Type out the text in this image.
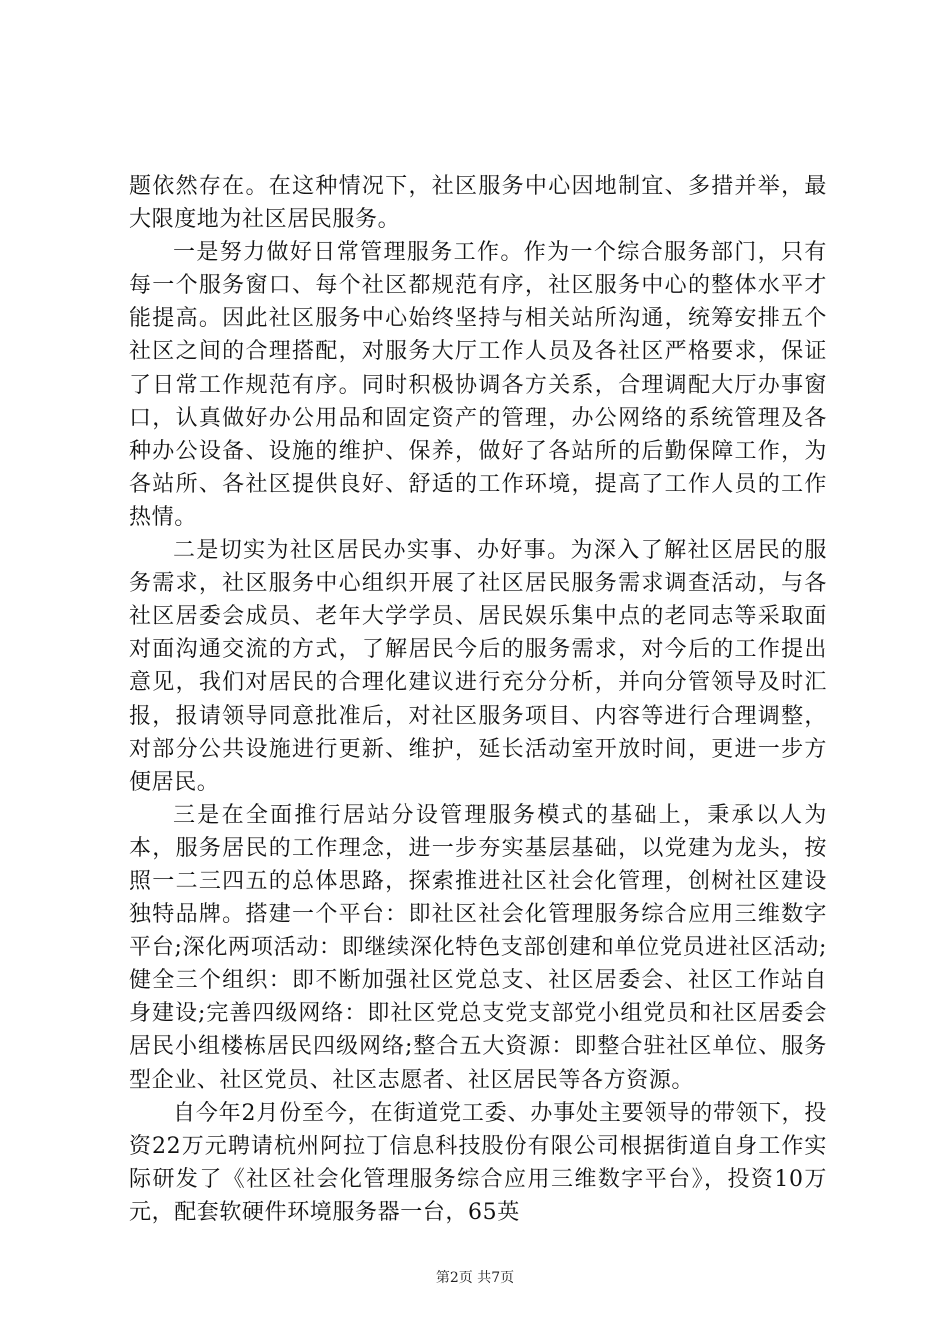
题依然存在。在这种情况下，社区服务中心因地制宜、多措并举，最大限度地为社区居民服务。

一是努力做好日常管理服务工作。作为一个综合服务部门，只有每一个服务窗口、每个社区都规范有序，社区服务中心的整体水平才能提高。因此社区服务中心始终坚持与相关站所沟通，统筹安排五个社区之间的合理搭配，对服务大厅工作人员及各社区严格要求，保证了日常工作规范有序。同时积极协调各方关系，合理调配大厅办事窗口，认真做好办公用品和固定资产的管理，办公网络的系统管理及各种办公设备、设施的维护、保养，做好了各站所的后勤保障工作，为各站所、各社区提供良好、舒适的工作环境，提高了工作人员的工作热情。

二是切实为社区居民办实事、办好事。为深入了解社区居民的服务需求，社区服务中心组织开展了社区居民服务需求调查活动，与各社区居委会成员、老年大学学员、居民娱乐集中点的老同志等采取面对面沟通交流的方式，了解居民今后的服务需求，对今后的工作提出意见，我们对居民的合理化建议进行充分分析，并向分管领导及时汇报，报请领导同意批准后，对社区服务项目、内容等进行合理调整，对部分公共设施进行更新、维护，延长活动室开放时间，更进一步方便居民。

三是在全面推行居站分设管理服务模式的基础上，秉承以人为本，服务居民的工作理念，进一步夯实基层基础，以党建为龙头，按照一二三四五的总体思路，探索推进社区社会化管理，创树社区建设独特品牌。搭建一个平台：即社区社会化管理服务综合应用三维数字平台;深化两项活动：即继续深化特色支部创建和单位党员进社区活动;健全三个组织：即不断加强社区党总支、社区居委会、社区工作站自身建设;完善四级网络：即社区党总支党支部党小组党员和社区居委会居民小组楼栋居民四级网络;整合五大资源：即整合驻社区单位、服务型企业、社区党员、社区志愿者、社区居民等各方资源。

自今年2月份至今，在街道党工委、办事处主要领导的带领下，投资22万元聘请杭州阿拉丁信息科技股份有限公司根据街道自身工作实际研发了《社区社会化管理服务综合应用三维数字平台》，投资10万元，配套软硬件环境服务器一台，65英

第2页 共7页
